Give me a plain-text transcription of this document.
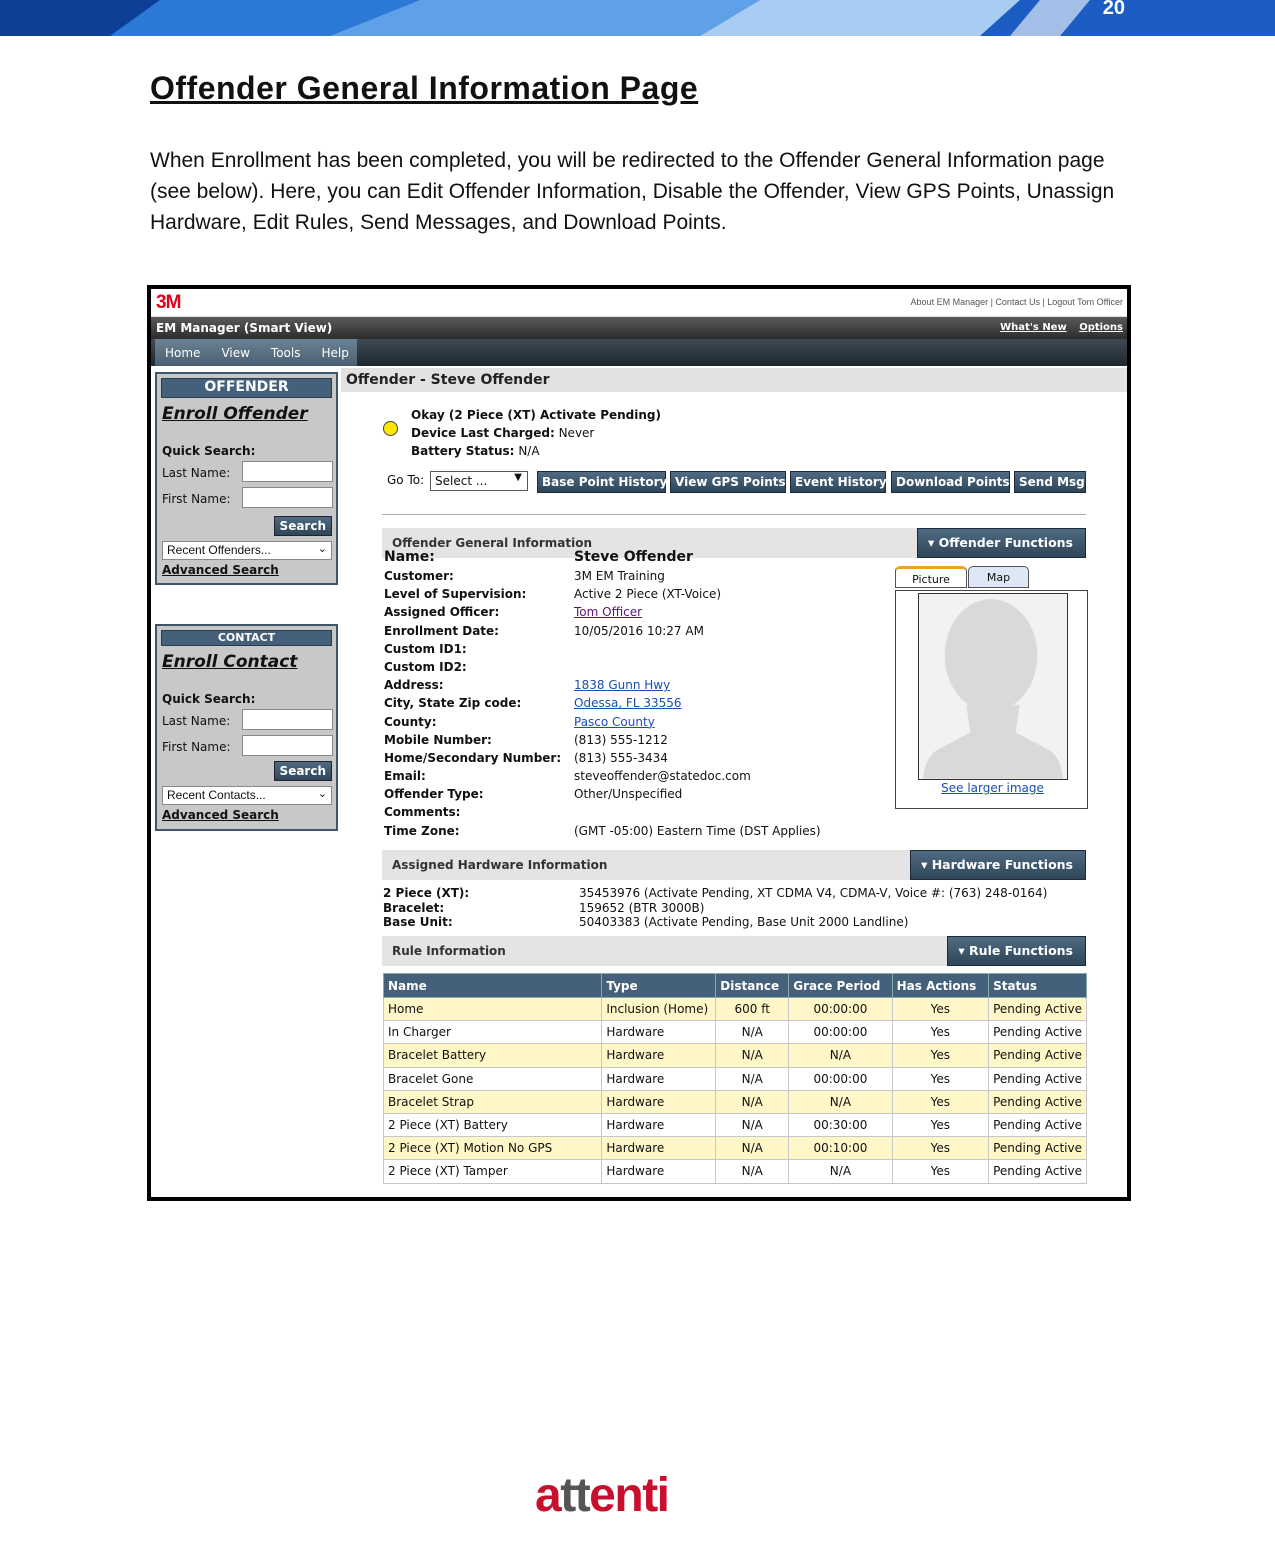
20
Offender General Information Page

When Enrollment has been completed, you will be redirected to the Offender General Information page (see below). Here, you can Edit Offender Information, Disable the Offender, View GPS Points, Unassign Hardware, Edit Rules, Send Messages, and Download Points.

3M	About EM Manager | Contact Us | Logout Tom Officer
EM Manager (Smart View)	What's New Options
Home View Tools Help
OFFENDER
Enroll Offender
Quick Search:
Last Name:
First Name:
Search
Recent Offenders...	⌄
Advanced Search
CONTACT
Enroll Contact
Quick Search:
Last Name:
First Name:
Search
Recent Contacts...	⌄
Advanced Search
Offender - Steve Offender
Okay (2 Piece (XT) Activate Pending)
Device Last Charged: Never
Battery Status: N/A
Go To: Select ...	▼	Base Point History View GPS Points Event History Download Points Send Msg
Offender General Information	▾ Offender Functions
Name:	Steve Offender
Customer:	3M EM Training
Level of Supervision:	Active 2 Piece (XT-Voice)
Assigned Officer:	Tom Officer
Enrollment Date:	10/05/2016 10:27 AM
Custom ID1:
Custom ID2:
Address:	1838 Gunn Hwy
City, State Zip code:	Odessa, FL 33556
County:	Pasco County
Mobile Number:	(813) 555-1212
Home/Secondary Number: (813) 555-3434
Email:	steveoffender@statedoc.com
Offender Type:	Other/Unspecified
Comments:
Time Zone:	(GMT -05:00) Eastern Time (DST Applies)
Picture	Map
See larger image
Assigned Hardware Information	▾ Hardware Functions
2 Piece (XT):	35453976 (Activate Pending, XT CDMA V4, CDMA-V, Voice #: (763) 248-0164)
Bracelet:	159652 (BTR 3000B)
Base Unit:	50403383 (Activate Pending, Base Unit 2000 Landline)
Rule Information	▾ Rule Functions
Name	Type	Distance	Grace Period	Has Actions	Status
Home	Inclusion (Home)	600 ft	00:00:00	Yes	Pending Active
In Charger	Hardware	N/A	00:00:00	Yes	Pending Active
Bracelet Battery	Hardware	N/A	N/A	Yes	Pending Active
Bracelet Gone	Hardware	N/A	00:00:00	Yes	Pending Active
Bracelet Strap	Hardware	N/A	N/A	Yes	Pending Active
2 Piece (XT) Battery	Hardware	N/A	00:30:00	Yes	Pending Active
2 Piece (XT) Motion No GPS	Hardware	N/A	00:10:00	Yes	Pending Active
2 Piece (XT) Tamper	Hardware	N/A	N/A	Yes	Pending Active
attenti
